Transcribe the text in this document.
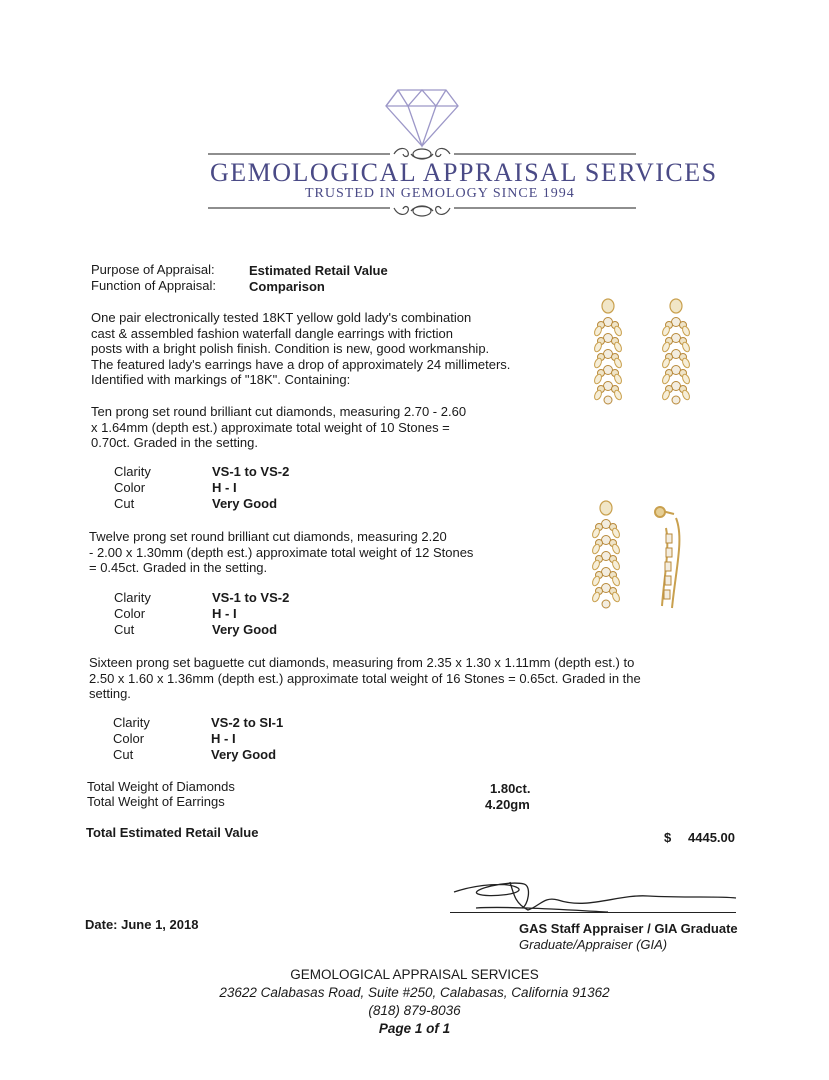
GEMOLOGICAL APPRAISAL SERVICES
TRUSTED IN GEMOLOGY SINCE 1994
Purpose of Appraisal:	Estimated Retail Value
Function of Appraisal:	Comparison
One pair electronically tested 18KT yellow gold lady's combination
cast & assembled fashion waterfall dangle earrings with friction
posts with a bright polish finish. Condition is new, good workmanship.
The featured lady's earrings have a drop of approximately 24 millimeters.
Identified with markings of "18K". Containing:
Ten prong set round brilliant cut diamonds, measuring 2.70 - 2.60
x 1.64mm (depth est.) approximate total weight of 10 Stones =
0.70ct. Graded in the setting.
Clarity	VS-1 to VS-2
Color	H - I
Cut	Very Good
Twelve prong set round brilliant cut diamonds, measuring 2.20
- 2.00 x 1.30mm (depth est.) approximate total weight of 12 Stones
= 0.45ct. Graded in the setting.
Clarity	VS-1 to VS-2
Color	H - I
Cut	Very Good
Sixteen prong set baguette cut diamonds, measuring from 2.35 x 1.30 x 1.11mm (depth est.) to
2.50 x 1.60 x 1.36mm (depth est.) approximate total weight of 16 Stones = 0.65ct. Graded in the
setting.
Clarity	VS-2 to SI-1
Color	H - I
Cut	Very Good
Total Weight of Diamonds	1.80ct.
Total Weight of Earrings	4.20gm
Total Estimated Retail Value	$ 4445.00
Date: June 1, 2018	GAS Staff Appraiser / GIA Graduate
Graduate/Appraiser (GIA)
GEMOLOGICAL APPRAISAL SERVICES
23622 Calabasas Road, Suite #250, Calabasas, California 91362
(818) 879-8036
Page 1 of 1
